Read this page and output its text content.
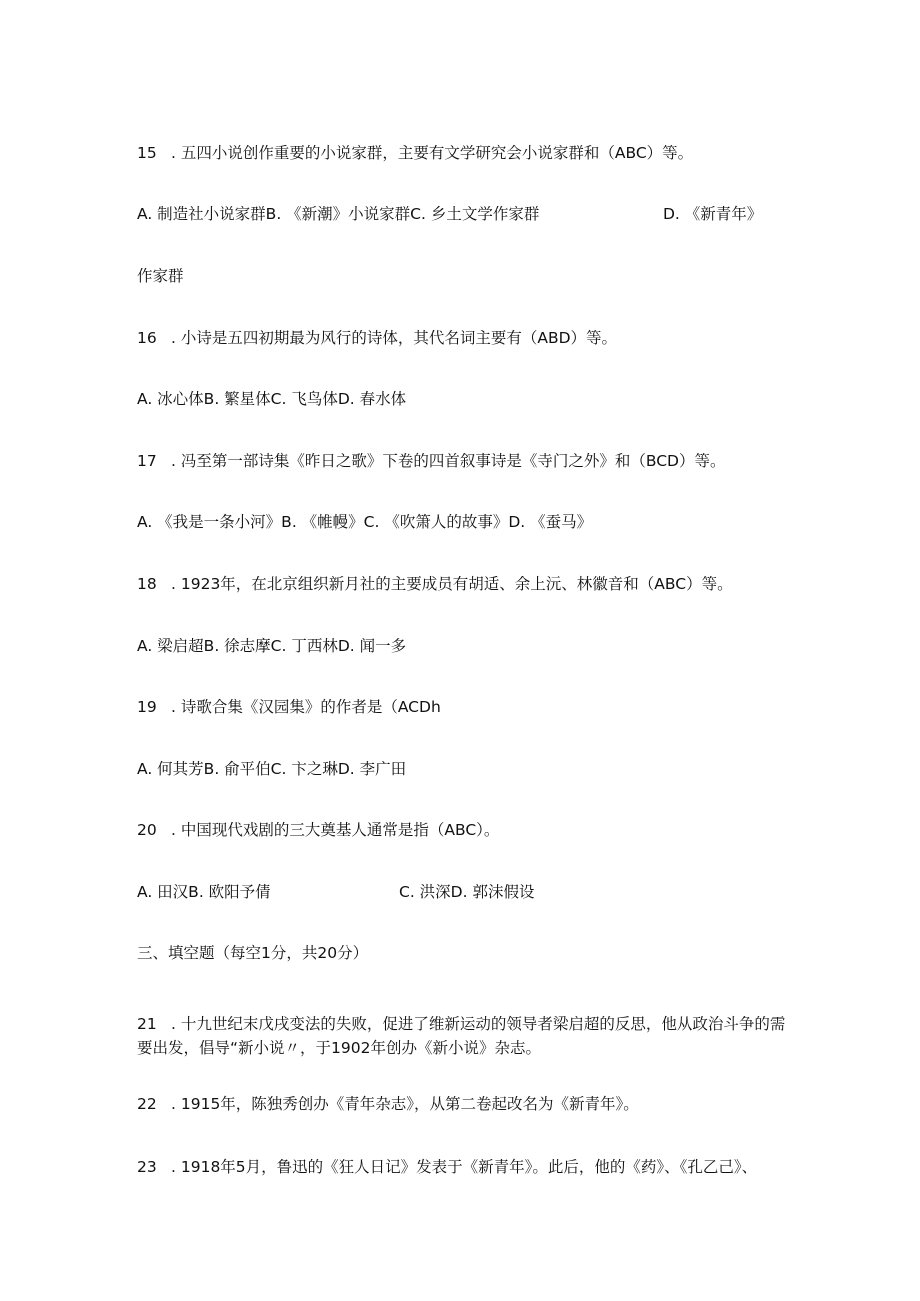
15 . 五四小说创作重要的小说家群，主要有文学研究会小说家群和（ABC）等。

A. 制造社小说家群B. 《新潮》小说家群C. 乡土文学作家群	D. 《新青年》

作家群

16 . 小诗是五四初期最为风行的诗体，其代名词主要有（ABD）等。

A. 冰心体B. 繁星体C. 飞鸟体D. 春水体

17 . 冯至第一部诗集《昨日之歌》下卷的四首叙事诗是《寺门之外》和（BCD）等。

A. 《我是一条小河》B. 《帷幔》C. 《吹箫人的故事》D. 《蚕马》

18 . 1923年，在北京组织新月社的主要成员有胡适、余上沅、林徽音和（ABC）等。

A. 梁启超B. 徐志摩C. 丁西林D. 闻一多

19 . 诗歌合集《汉园集》的作者是（ACDh

A. 何其芳B. 俞平伯C. 卞之琳D. 李广田

20 . 中国现代戏剧的三大奠基人通常是指（ABC）。

A. 田汉B. 欧阳予倩	C. 洪深D. 郭沫假设

三、填空题（每空1分，共20分）

21 . 十九世纪末戊戌变法的失败，促进了维新运动的领导者梁启超的反思，他从政治斗争的需要出发，倡导“新小说〃，于1902年创办《新小说》杂志。

22 . 1915年，陈独秀创办《青年杂志》，从第二卷起改名为《新青年》。

23 . 1918年5月，鲁迅的《狂人日记》发表于《新青年》。此后，他的《药》、《孔乙己》、
